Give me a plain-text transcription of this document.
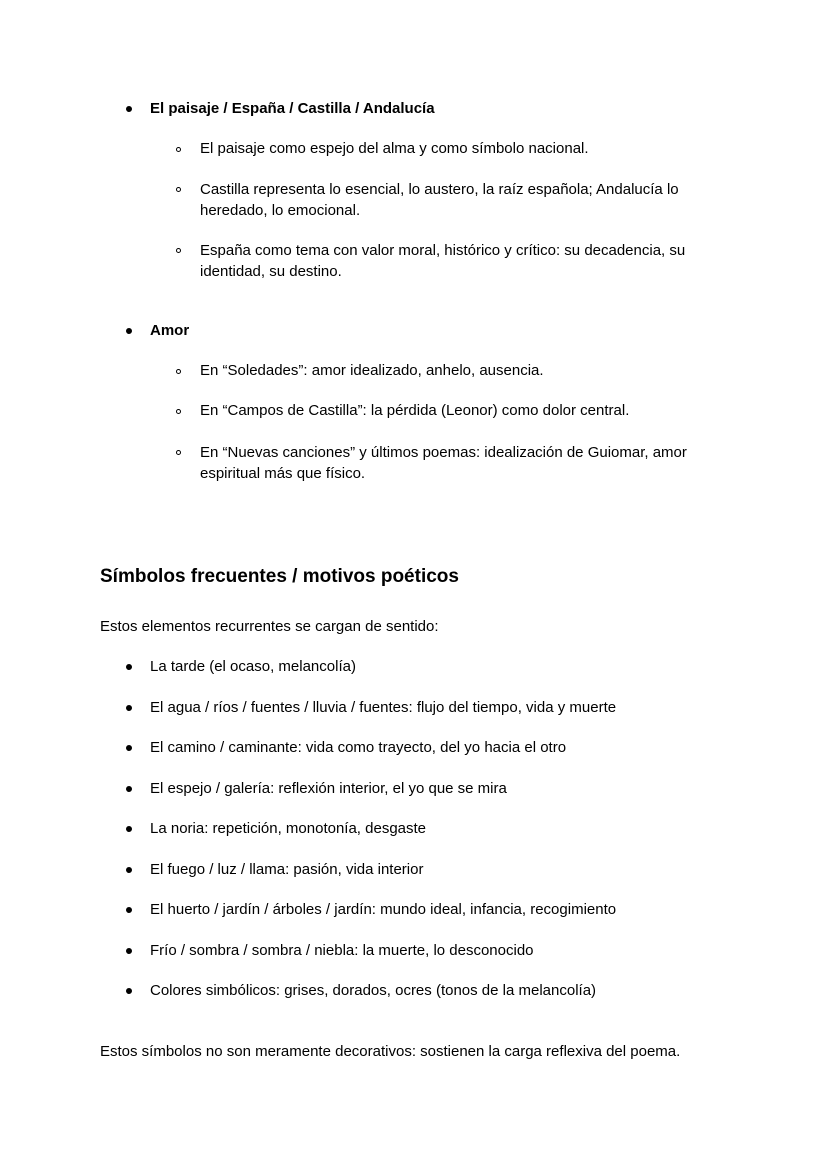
El paisaje / España / Castilla / Andalucía
El paisaje como espejo del alma y como símbolo nacional.
Castilla representa lo esencial, lo austero, la raíz española; Andalucía lo heredado, lo emocional.
España como tema con valor moral, histórico y crítico: su decadencia, su identidad, su destino.
Amor
En “Soledades”: amor idealizado, anhelo, ausencia.
En “Campos de Castilla”: la pérdida (Leonor) como dolor central.
En “Nuevas canciones” y últimos poemas: idealización de Guiomar, amor espiritual más que físico.
Símbolos frecuentes / motivos poéticos
Estos elementos recurrentes se cargan de sentido:
La tarde (el ocaso, melancolía)
El agua / ríos / fuentes / lluvia / fuentes: flujo del tiempo, vida y muerte
El camino / caminante: vida como trayecto, del yo hacia el otro
El espejo / galería: reflexión interior, el yo que se mira
La noria: repetición, monotonía, desgaste
El fuego / luz / llama: pasión, vida interior
El huerto / jardín / árboles / jardín: mundo ideal, infancia, recogimiento
Frío / sombra / sombra / niebla: la muerte, lo desconocido
Colores simbólicos: grises, dorados, ocres (tonos de la melancolía)
Estos símbolos no son meramente decorativos: sostienen la carga reflexiva del poema.
